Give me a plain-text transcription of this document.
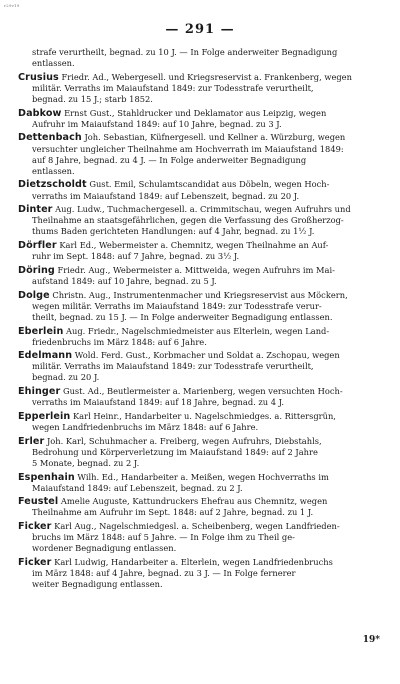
r29v19
— 291 —
strafe verurtheilt, begnad. zu 10 J. — In Folge anderweiter Begnadigung
entlassen.
Crusius Friedr. Ad., Webergesell. und Kriegsreservist a. Frankenberg, wegen
militär. Verraths im Maiaufstand 1849: zur Todesstrafe verurtheilt,
begnad. zu 15 J.; starb 1852.
Dabkow Ernst Gust., Stahldrucker und Deklamator aus Leipzig, wegen
Aufruhr im Maiaufstand 1849: auf 10 Jahre, begnad. zu 3 J.
Dettenbach Joh. Sebastian, Küfnergesell. und Kellner a. Würzburg, wegen
versuchter ungleicher Theilnahme am Hochverrath im Maiaufstand 1849:
auf 8 Jahre, begnad. zu 4 J. — In Folge anderweiter Begnadigung
entlassen.
Dietzscholdt Gust. Emil, Schulamtscandidat aus Döbeln, wegen Hoch-
verraths im Maiaufstand 1849: auf Lebenszeit, begnad. zu 20 J.
Dinter Aug. Ludw., Tuchmachergesell. a. Crimmitschau, wegen Aufruhrs und
Theilnahme an staatsgefährlichen, gegen die Verfassung des Großherzog-
thums Baden gerichteten Handlungen: auf 4 Jahr, begnad. zu 1½ J.
Dörfler Karl Ed., Webermeister a. Chemnitz, wegen Theilnahme an Auf-
ruhr im Sept. 1848: auf 7 Jahre, begnad. zu 3½ J.
Döring Friedr. Aug., Webermeister a. Mittweida, wegen Aufruhrs im Mai-
aufstand 1849: auf 10 Jahre, begnad. zu 5 J.
Dolge Christn. Aug., Instrumentenmacher und Kriegsreservist aus Möckern,
wegen militär. Verraths im Maiaufstand 1849: zur Todesstrafe verur-
theilt, begnad. zu 15 J. — In Folge anderweiter Begnadigung entlassen.
Eberlein Aug. Friedr., Nagelschmiedmeister aus Elterlein, wegen Land-
friedenbruchs im März 1848: auf 6 Jahre.
Edelmann Wold. Ferd. Gust., Korbmacher und Soldat a. Zschopau, wegen
militär. Verraths im Maiaufstand 1849: zur Todesstrafe verurtheilt,
begnad. zu 20 J.
Ehinger Gust. Ad., Beutlermeister a. Marienberg, wegen versuchten Hoch-
verraths im Maiaufstand 1849: auf 18 Jahre, begnad. zu 4 J.
Epperlein Karl Heinr., Handarbeiter u. Nagelschmiedges. a. Rittersgrün,
wegen Landfriedenbruchs im März 1848: auf 6 Jahre.
Erler Joh. Karl, Schuhmacher a. Freiberg, wegen Aufruhrs, Diebstahls,
Bedrohung und Körperverletzung im Maiaufstand 1849: auf 2 Jahre
5 Monate, begnad. zu 2 J.
Espenhain Wilh. Ed., Handarbeiter a. Meißen, wegen Hochverraths im
Maiaufstand 1849: auf Lebenszeit, begnad. zu 2 J.
Feustel Amelie Auguste, Kattundruckers Ehefrau aus Chemnitz, wegen
Theilnahme am Aufruhr im Sept. 1848: auf 2 Jahre, begnad. zu 1 J.
Ficker Karl Aug., Nagelschmiedgesl. a. Scheibenberg, wegen Landfrieden-
bruchs im März 1848: auf 5 Jahre. — In Folge ihm zu Theil ge-
wordener Begnadigung entlassen.
Ficker Karl Ludwig, Handarbeiter a. Elterlein, wegen Landfriedenbruchs
im März 1848: auf 4 Jahre, begnad. zu 3 J. — In Folge fernerer
weiter Begnadigung entlassen.
19*
